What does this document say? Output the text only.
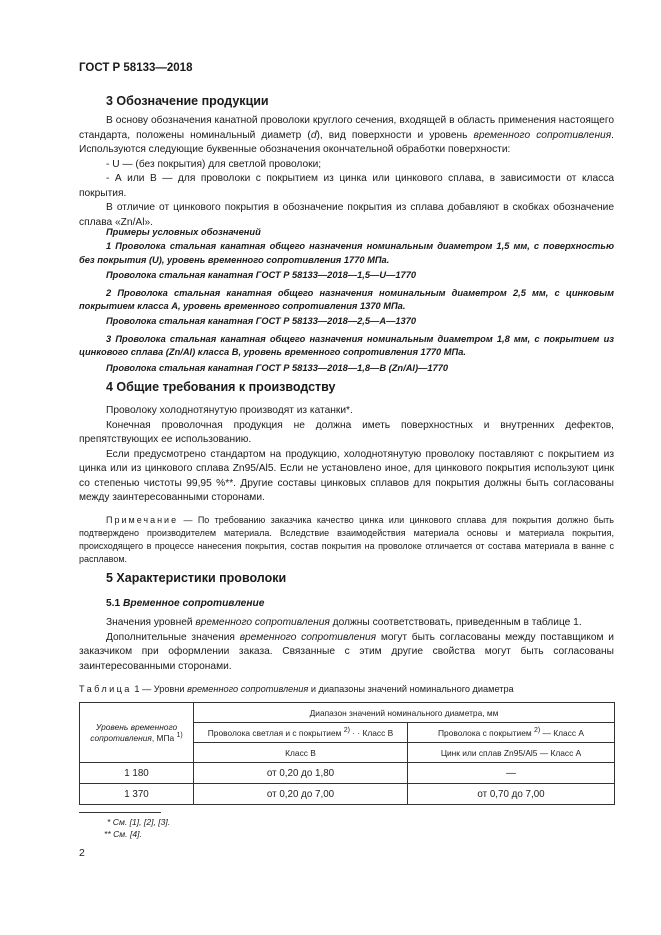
ГОСТ Р 58133—2018
3 Обозначение продукции

В основу обозначения канатной проволоки круглого сечения, входящей в область применения настоящего стандарта, положены номинальный диаметр (d), вид поверхности и уровень временного сопротивления. Используются следующие буквенные обозначения окончательной обработки поверхности:

- U — (без покрытия) для светлой проволоки;

- А или В — для проволоки с покрытием из цинка или цинкового сплава, в зависимости от класса покрытия.

В отличие от цинкового покрытия в обозначение покрытия из сплава добавляют в скобках обозначение сплава «Zn/Al».

Примеры условных обозначений

1 Проволока стальная канатная общего назначения номинальным диаметром 1,5 мм, с поверхностью без покрытия (U), уровень временного сопротивления 1770 МПа.

Проволока стальная канатная ГОСТ Р 58133—2018—1,5—U—1770

2 Проволока стальная канатная общего назначения номинальным диаметром 2,5 мм, с цинковым покрытием класса А, уровень временного сопротивления 1370 МПа.

Проволока стальная канатная ГОСТ Р 58133—2018—2,5—А—1370

3 Проволока стальная канатная общего назначения номинальным диаметром 1,8 мм, с покрытием из цинкового сплава (Zn/Al) класса В, уровень временного сопротивления 1770 МПа.

Проволока стальная канатная ГОСТ Р 58133—2018—1,8—В (Zn/Al)—1770

4 Общие требования к производству

Проволоку холоднотянутую производят из катанки*.

Конечная проволочная продукция не должна иметь поверхностных и внутренних дефектов, препятствующих ее использованию.

Если предусмотрено стандартом на продукцию, холоднотянутую проволоку поставляют с покрытием из цинка или из цинкового сплава Zn95/Al5. Если не установлено иное, для цинкового покрытия используют цинк со степенью чистоты 99,95 %**. Другие составы цинковых сплавов для покрытия должны быть согласованы между заинтересованными сторонами.

Примечание — По требованию заказчика качество цинка или цинкового сплава для покрытия должно быть подтверждено производителем материала. Вследствие взаимодействия материала основы и материала покрытия, происходящего в процессе нанесения покрытия, состав покрытия на проволоке отличается от состава материала в ванне с расплавом.

5 Характеристики проволоки
5.1 Временное сопротивление

Значения уровней временного сопротивления должны соответствовать, приведенным в таблице 1.

Дополнительные значения временного сопротивления могут быть согласованы между поставщиком и заказчиком при оформлении заказа. Связанные с этим другие свойства могут быть согласованы заинтересованными сторонами.

Таблица 1 — Уровни временного сопротивления и диапазоны значений номинального диаметра
Уровень временного сопротивления, МПа $^{1)}$	Диапазон значений номинального диаметра, мм	
	Проволока светлая и с покрытием $^{2)}$ · · Класс В	Проволока с покрытием $^{2)}$ — Класс А
	Класс В	Цинк или сплав Zn95/Al5 — Класс А
1 180	от 0,20 до 1,80	—
1 370	от 0,20 до 7,00	от 0,70 до 7,00
* См. [1], [2], [3].
** См. [4].
2
